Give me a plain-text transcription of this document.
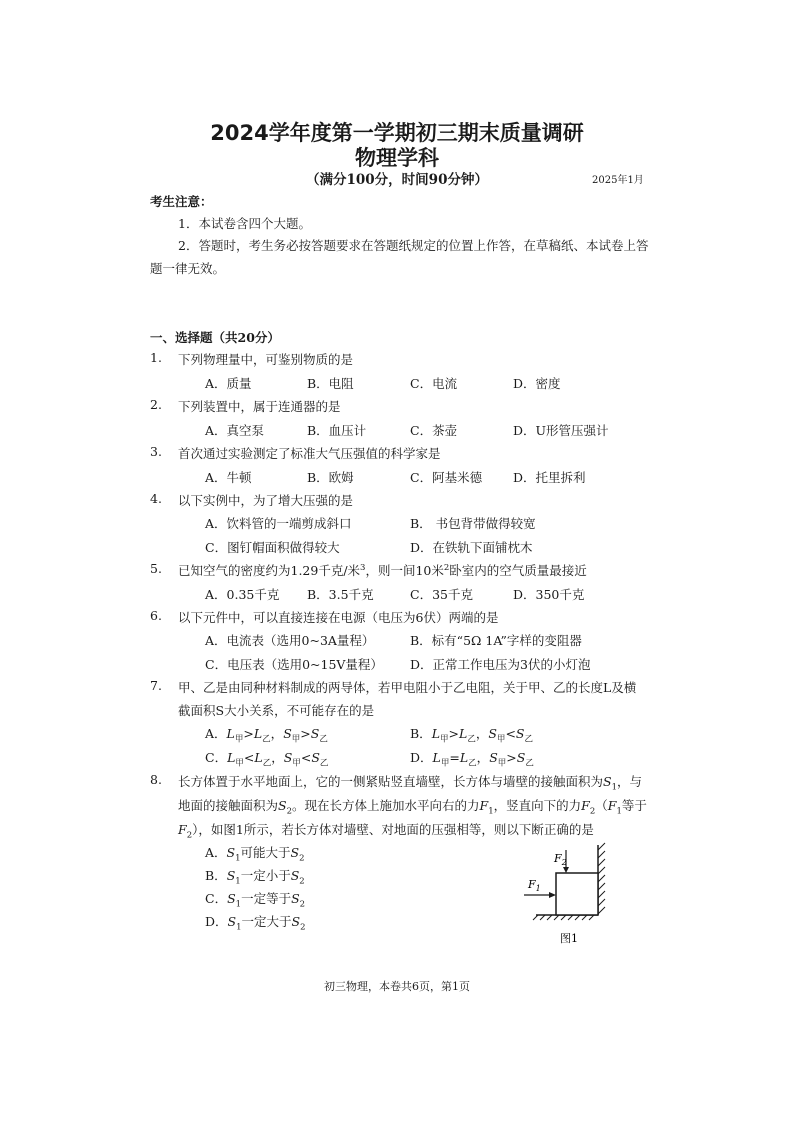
2024学年度第一学期初三期末质量调研
物理学科
（满分100分，时间90分钟）	2025年1月
考生注意：
1．本试卷含四个大题。
2．答题时，考生务必按答题要求在答题纸规定的位置上作答，在草稿纸、本试卷上答
题一律无效。
一、选择题（共20分）
1. 下列物理量中，可鉴别物质的是
A．质量	B．电阻	C．电流	D．密度
2. 下列装置中，属于连通器的是
A．真空泵	B．血压计	C．茶壶	D．U形管压强计
3. 首次通过实验测定了标准大气压强值的科学家是
A．牛顿	B．欧姆	C．阿基米德 D．托里拆利
4. 以下实例中，为了增大压强的是
A．饮料管的一端剪成斜口	B． 书包背带做得较宽
C．图钉帽面积做得较大	D．在铁轨下面铺枕木
5. 已知空气的密度约为1.29千克/米$^3$，则一间10米$^2$卧室内的空气质量最接近
A．0.35千克 B．3.5千克	C．35千克	D．350千克
6. 以下元件中，可以直接连接在电源（电压为6伏）两端的是
A．电流表（选用0~3A量程）	B．标有“5Ω 1A”字样的变阻器
C．电压表（选用0~15V量程） D．正常工作电压为3伏的小灯泡
7. 甲、乙是由同种材料制成的两导体，若甲电阻小于乙电阻，关于甲、乙的长度L及横
截面积S大小关系，不可能存在的是
A．$L_甲>L_乙$，$S_甲>S_乙$	B．$L_甲>L_乙$，$S_甲<S_乙$
C．$L_甲<L_乙$，$S_甲<S_乙$	D．$L_甲=L_乙$，$S_甲>S_乙$
8. 长方体置于水平地面上，它的一侧紧贴竖直墙壁，长方体与墙壁的接触面积为$S_1$，与
地面的接触面积为$S_2$。现在长方体上施加水平向右的力$F_1$，竖直向下的力$F_2(F_1$等于
$F_2$），如图1所示，若长方体对墙壁、对地面的压强相等，则以下断正确的是
A．$S_1$可能大于$S_2$
B．$S_1$一定小于$S_2$
C．$S_1$一定等于$S_2$
D．$S_1$一定大于$S_2$
$F_2$
$F_1$
图1
初三物理，本卷共6页，第1页
